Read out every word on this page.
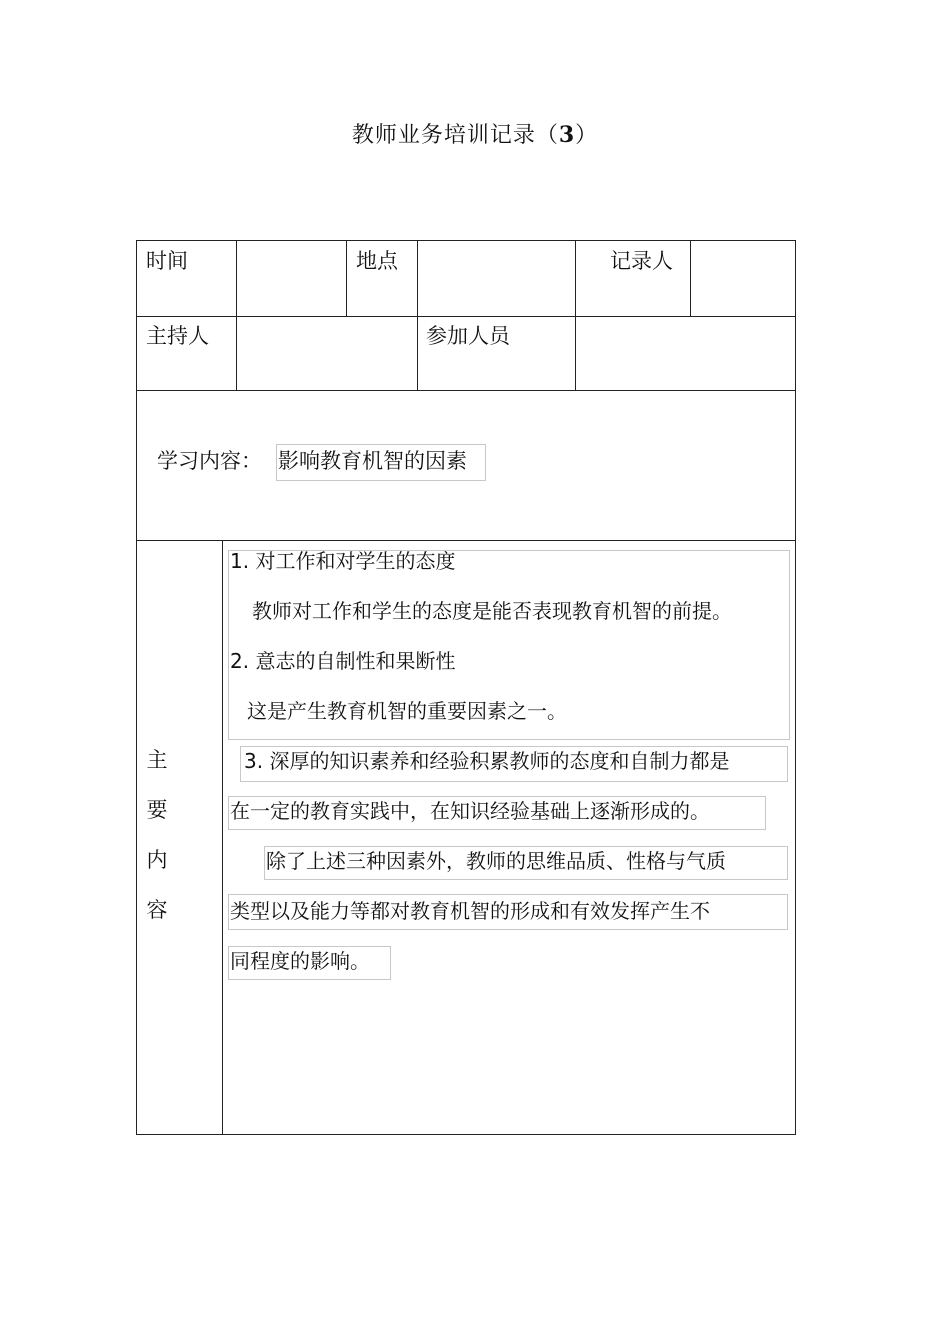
教师业务培训记录（3）
时间	地点	记录人
主持人	参加人员
学习内容： 影响教育机智的因素
主
要
内
容
1. 对工作和对学生的态度
教师对工作和学生的态度是能否表现教育机智的前提。
2. 意志的自制性和果断性
这是产生教育机智的重要因素之一。
3. 深厚的知识素养和经验积累教师的态度和自制力都是
在一定的教育实践中，在知识经验基础上逐渐形成的。
除了上述三种因素外，教师的思维品质、性格与气质
类型以及能力等都对教育机智的形成和有效发挥产生不
同程度的影响。
